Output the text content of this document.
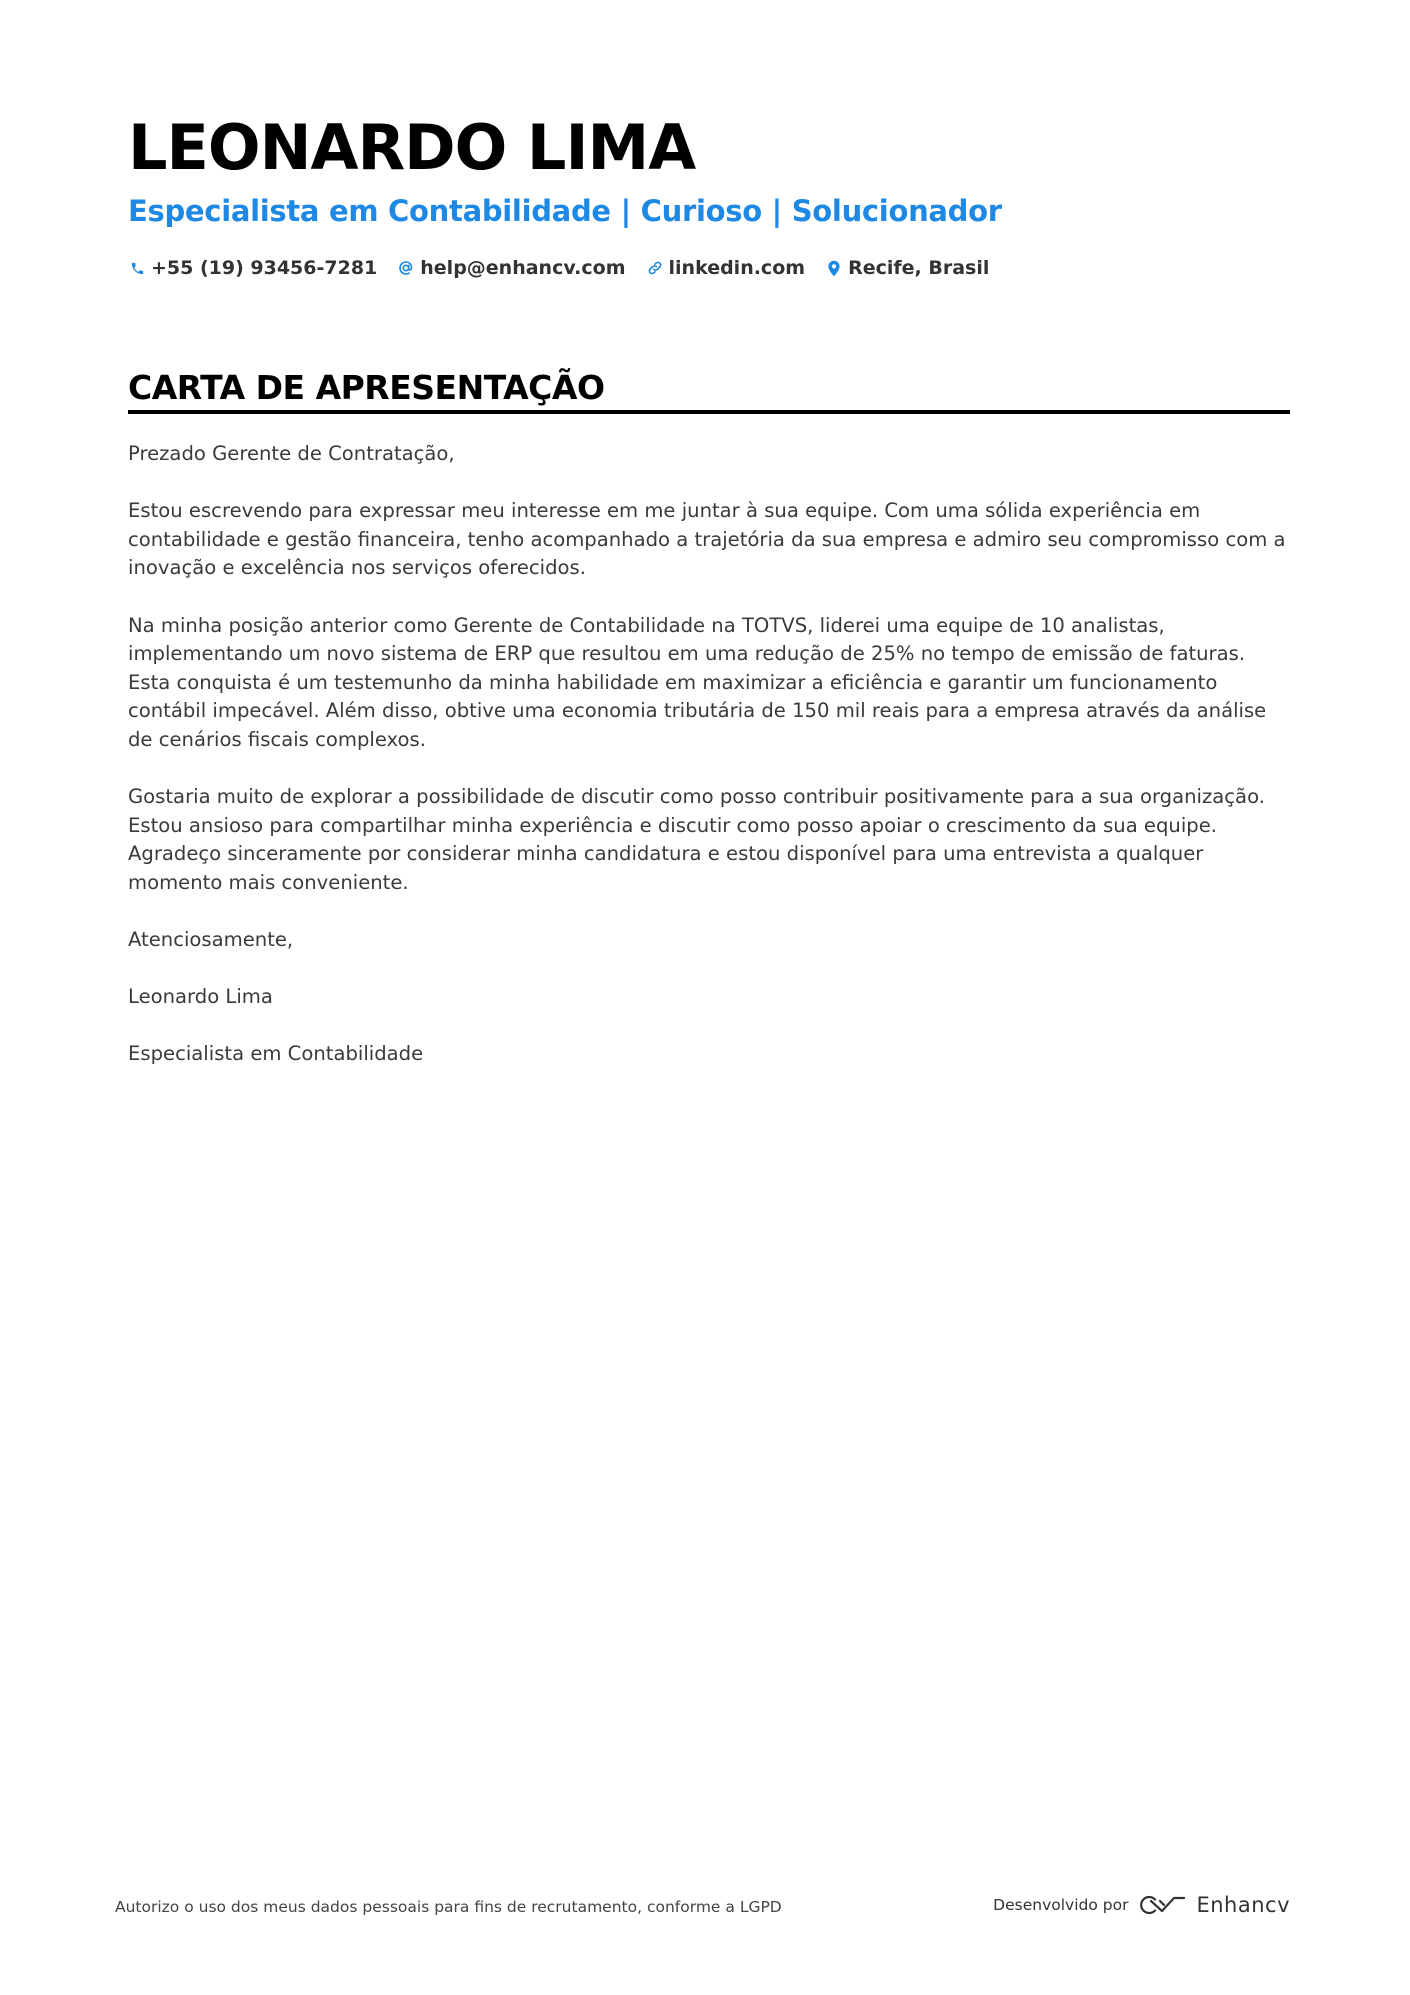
LEONARDO LIMA
Especialista em Contabilidade | Curioso | Solucionador
+55 (19) 93456-7281 help@enhancv.com linkedin.com Recife, Brasil
CARTA DE APRESENTAÇÃO

Prezado Gerente de Contratação,

Estou escrevendo para expressar meu interesse em me juntar à sua equipe. Com uma sólida experiência em contabilidade e gestão financeira, tenho acompanhado a trajetória da sua empresa e admiro seu compromisso com a inovação e excelência nos serviços oferecidos.

Na minha posição anterior como Gerente de Contabilidade na TOTVS, liderei uma equipe de 10 analistas, implementando um novo sistema de ERP que resultou em uma redução de 25% no tempo de emissão de faturas. Esta conquista é um testemunho da minha habilidade em maximizar a eficiência e garantir um funcionamento contábil impecável. Além disso, obtive uma economia tributária de 150 mil reais para a empresa através da análise de cenários fiscais complexos.

Gostaria muito de explorar a possibilidade de discutir como posso contribuir positivamente para a sua organização. Estou ansioso para compartilhar minha experiência e discutir como posso apoiar o crescimento da sua equipe. Agradeço sinceramente por considerar minha candidatura e estou disponível para uma entrevista a qualquer momento mais conveniente.

Atenciosamente,

Leonardo Lima

Especialista em Contabilidade

Autorizo o uso dos meus dados pessoais para fins de recrutamento, conforme a LGPD	Desenvolvido por	Enhancv
